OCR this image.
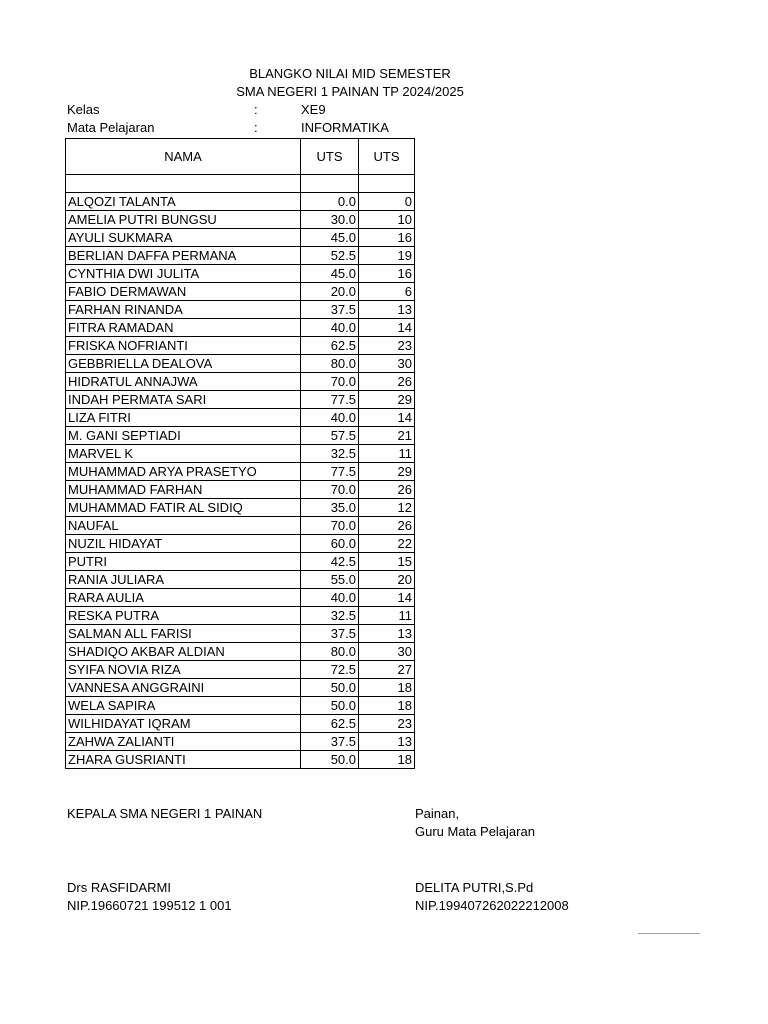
BLANGKO NILAI MID SEMESTER
SMA NEGERI 1 PAINAN TP 2024/2025
Kelas	:	XE9
Mata Pelajaran	:	INFORMATIKA
NAMA	UTS	UTS

ALQOZI TALANTA	0.0	0
AMELIA PUTRI BUNGSU	30.0	10
AYULI SUKMARA	45.0	16
BERLIAN DAFFA PERMANA	52.5	19
CYNTHIA DWI JULITA	45.0	16
FABIO DERMAWAN	20.0	6
FARHAN RINANDA	37.5	13
FITRA RAMADAN	40.0	14
FRISKA NOFRIANTI	62.5	23
GEBBRIELLA DEALOVA	80.0	30
HIDRATUL ANNAJWA	70.0	26
INDAH PERMATA SARI	77.5	29
LIZA FITRI	40.0	14
M. GANI SEPTIADI	57.5	21
MARVEL K	32.5	11
MUHAMMAD ARYA PRASETYO	77.5	29
MUHAMMAD FARHAN	70.0	26
MUHAMMAD FATIR AL SIDIQ	35.0	12
NAUFAL	70.0	26
NUZIL HIDAYAT	60.0	22
PUTRI	42.5	15
RANIA JULIARA	55.0	20
RARA AULIA	40.0	14
RESKA PUTRA	32.5	11
SALMAN ALL FARISI	37.5	13
SHADIQO AKBAR ALDIAN	80.0	30
SYIFA NOVIA RIZA	72.5	27
VANNESA ANGGRAINI	50.0	18
WELA SAPIRA	50.0	18
WILHIDAYAT IQRAM	62.5	23
ZAHWA ZALIANTI	37.5	13
ZHARA GUSRIANTI	50.0	18
KEPALA SMA NEGERI 1 PAINAN
Drs RASFIDARMI
NIP.19660721 199512 1 001
Painan,
Guru Mata Pelajaran
DELITA PUTRI,S.Pd
NIP.199407262022212008
